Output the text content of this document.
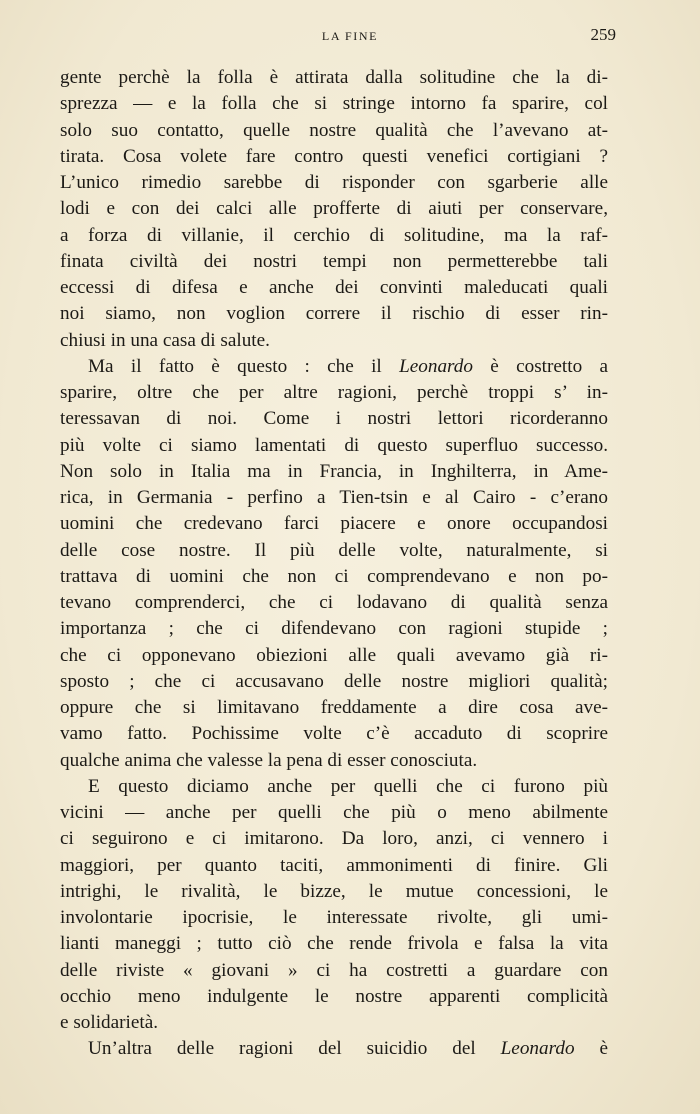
LA FINE	259
gente perchè la folla è attirata dalla solitudine che la di-
sprezza — e la folla che si stringe intorno fa sparire, col
solo suo contatto, quelle nostre qualità che l’avevano at-
tirata. Cosa volete fare contro questi venefici cortigiani ?
L’unico rimedio sarebbe di risponder con sgarberie alle
lodi e con dei calci alle profferte di aiuti per conservare,
a forza di villanie, il cerchio di solitudine, ma la raf-
finata civiltà dei nostri tempi non permetterebbe tali
eccessi di difesa e anche dei convinti maleducati quali
noi siamo, non voglion correre il rischio di esser rin-
chiusi in una casa di salute.
Ma il fatto è questo : che il Leonardo è costretto a
sparire, oltre che per altre ragioni, perchè troppi s’ in-
teressavan di noi. Come i nostri lettori ricorderanno
più volte ci siamo lamentati di questo superfluo successo.
Non solo in Italia ma in Francia, in Inghilterra, in Ame-
rica, in Germania - perfino a Tien-tsin e al Cairo - c’erano
uomini che credevano farci piacere e onore occupandosi
delle cose nostre. Il più delle volte, naturalmente, si
trattava di uomini che non ci comprendevano e non po-
tevano comprenderci, che ci lodavano di qualità senza
importanza ; che ci difendevano con ragioni stupide ;
che ci opponevano obiezioni alle quali avevamo già ri-
sposto ; che ci accusavano delle nostre migliori qualità;
oppure che si limitavano freddamente a dire cosa ave-
vamo fatto. Pochissime volte c’è accaduto di scoprire
qualche anima che valesse la pena di esser conosciuta.
E questo diciamo anche per quelli che ci furono più
vicini — anche per quelli che più o meno abilmente
ci seguirono e ci imitarono. Da loro, anzi, ci vennero i
maggiori, per quanto taciti, ammonimenti di finire. Gli
intrighi, le rivalità, le bizze, le mutue concessioni, le
involontarie ipocrisie, le interessate rivolte, gli umi-
lianti maneggi ; tutto ciò che rende frivola e falsa la vita
delle riviste « giovani » ci ha costretti a guardare con
occhio meno indulgente le nostre apparenti complicità
e solidarietà.
Un’altra delle ragioni del suicidio del Leonardo è
